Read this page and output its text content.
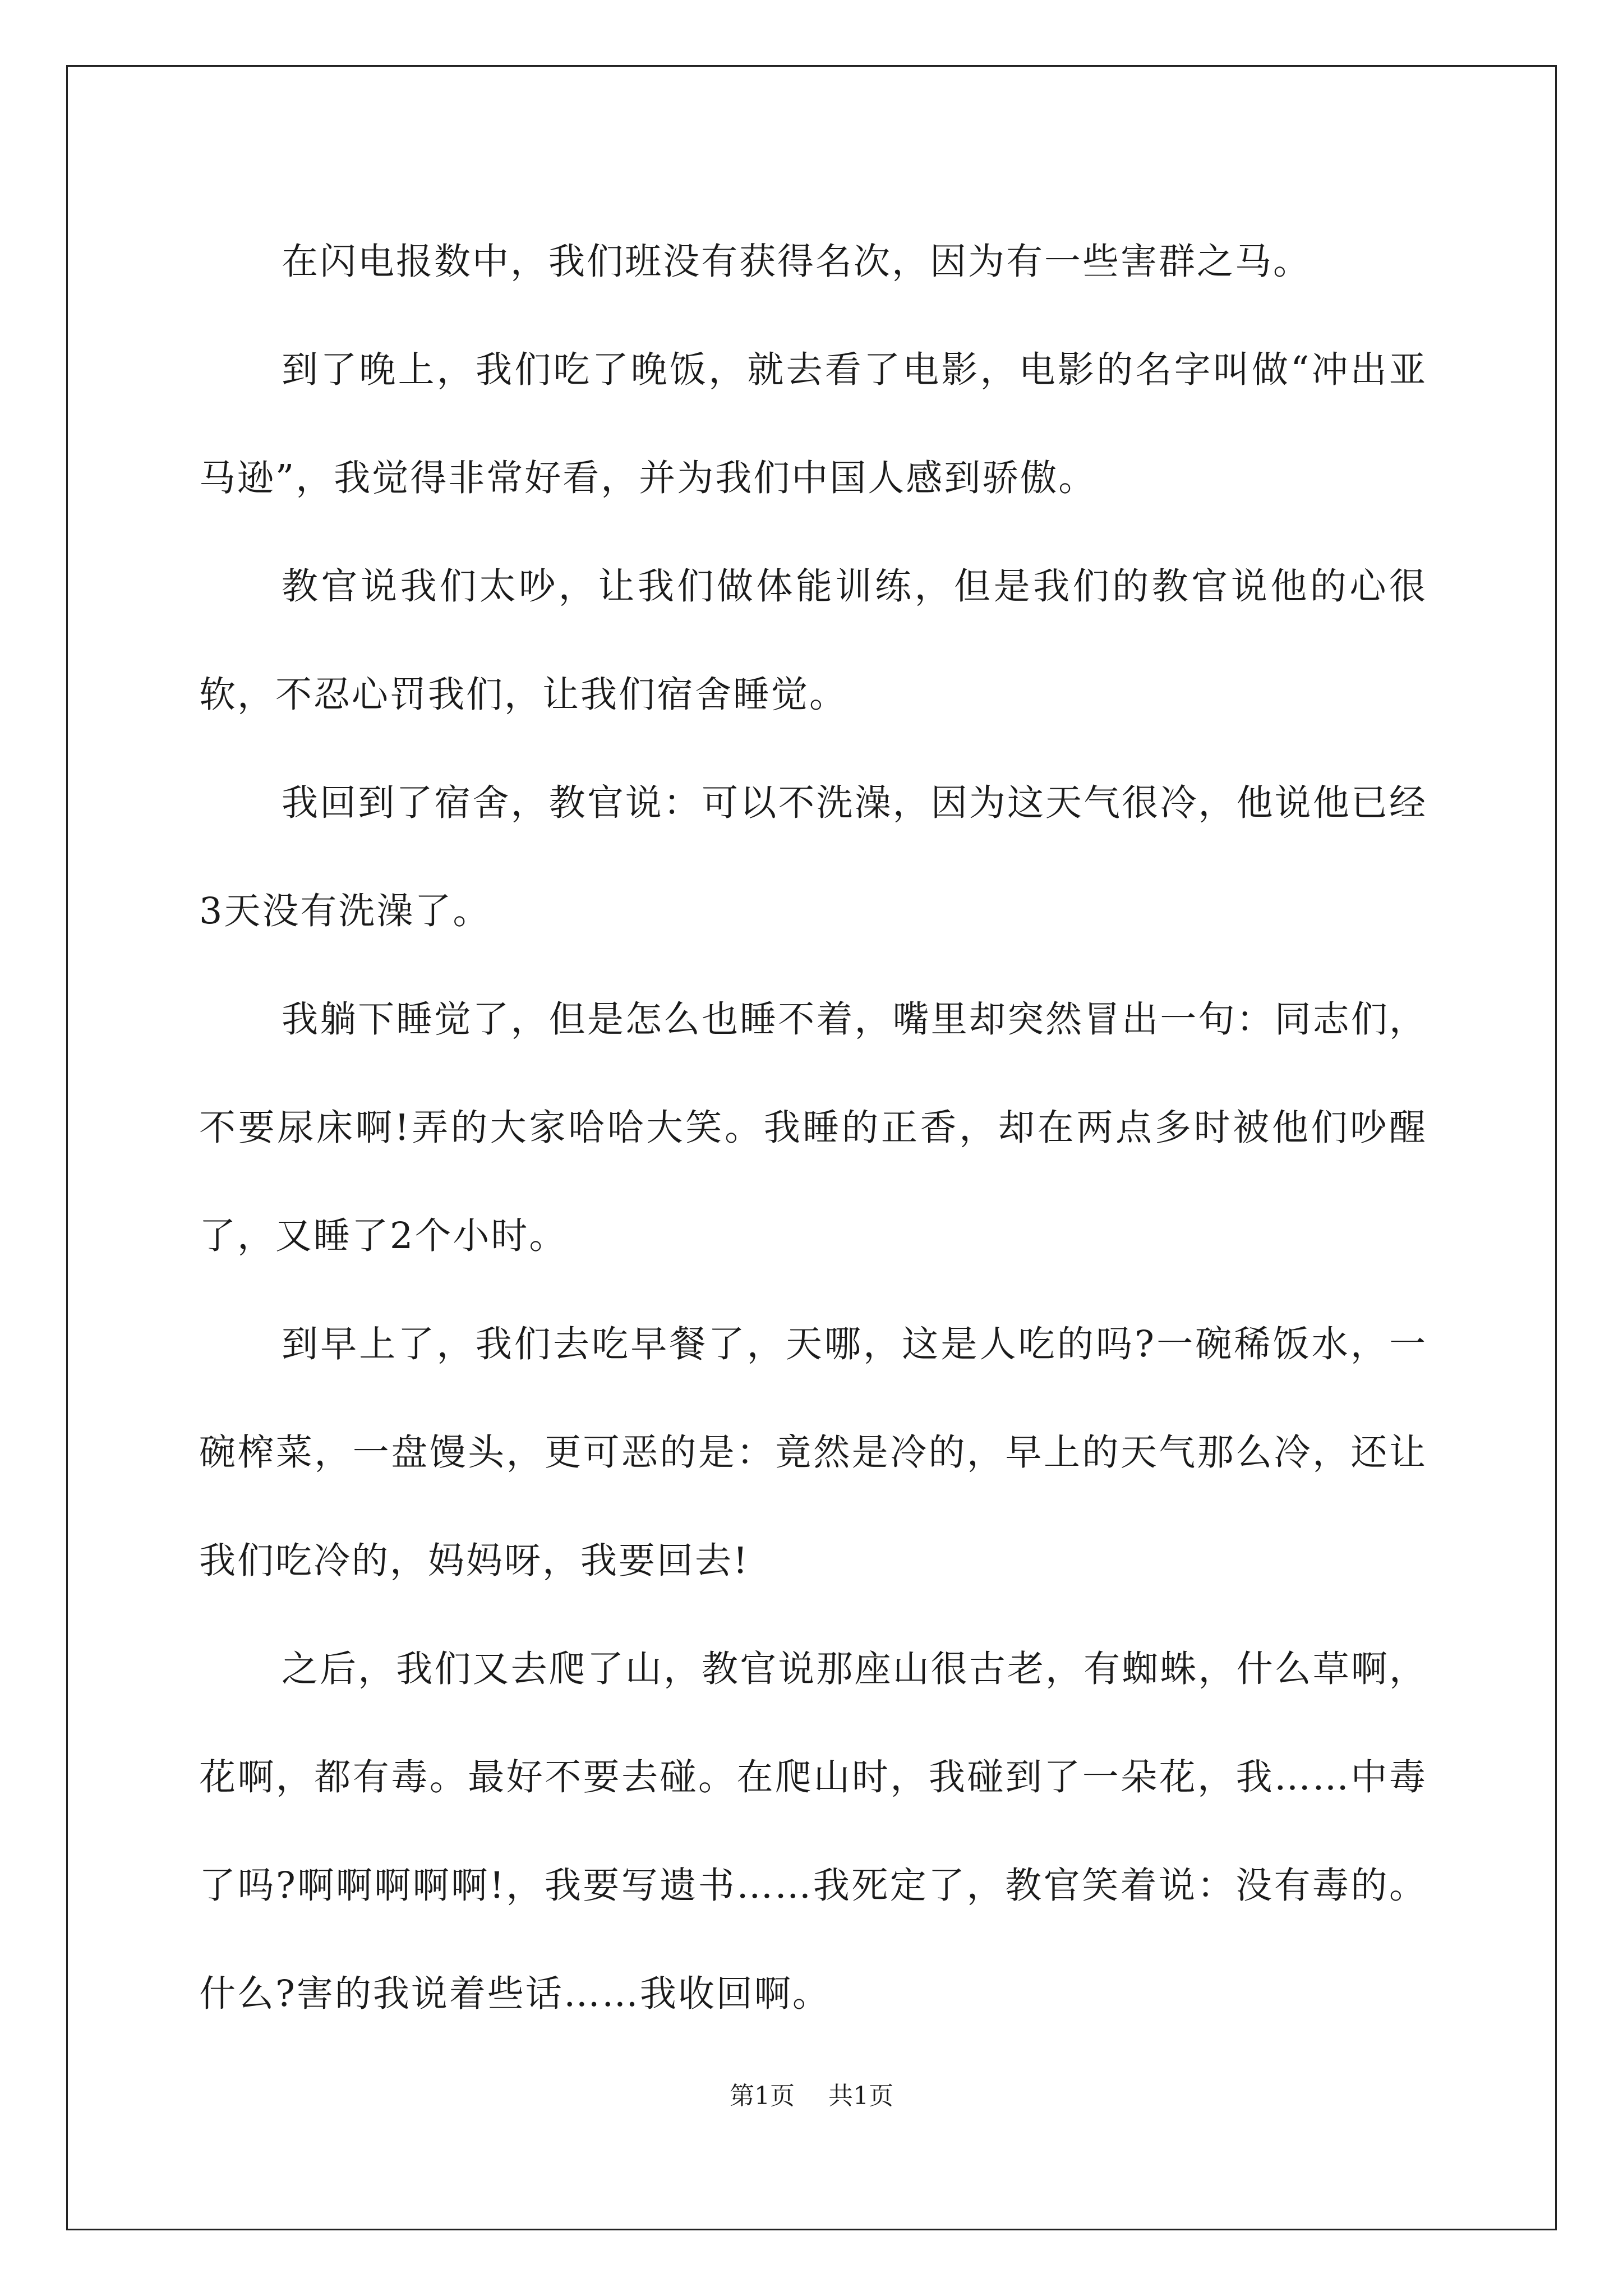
在闪电报数中，我们班没有获得名次，因为有一些害群之马。

到了晚上，我们吃了晚饭，就去看了电影，电影的名字叫做“冲出亚马逊”，我觉得非常好看，并为我们中国人感到骄傲。

教官说我们太吵，让我们做体能训练，但是我们的教官说他的心很软，不忍心罚我们，让我们宿舍睡觉。

我回到了宿舍，教官说：可以不洗澡，因为这天气很冷，他说他已经3天没有洗澡了。

我躺下睡觉了，但是怎么也睡不着，嘴里却突然冒出一句：同志们，不要尿床啊!弄的大家哈哈大笑。我睡的正香，却在两点多时被他们吵醒了，又睡了2个小时。

到早上了，我们去吃早餐了，天哪，这是人吃的吗?一碗稀饭水，一碗榨菜，一盘馒头，更可恶的是：竟然是冷的，早上的天气那么冷，还让我们吃冷的，妈妈呀，我要回去!

之后，我们又去爬了山，教官说那座山很古老，有蜘蛛，什么草啊，花啊，都有毒。最好不要去碰。在爬山时，我碰到了一朵花，我……中毒了吗?啊啊啊啊啊!，我要写遗书……我死定了，教官笑着说：没有毒的。什么?害的我说着些话……我收回啊。

第1页 共1页
